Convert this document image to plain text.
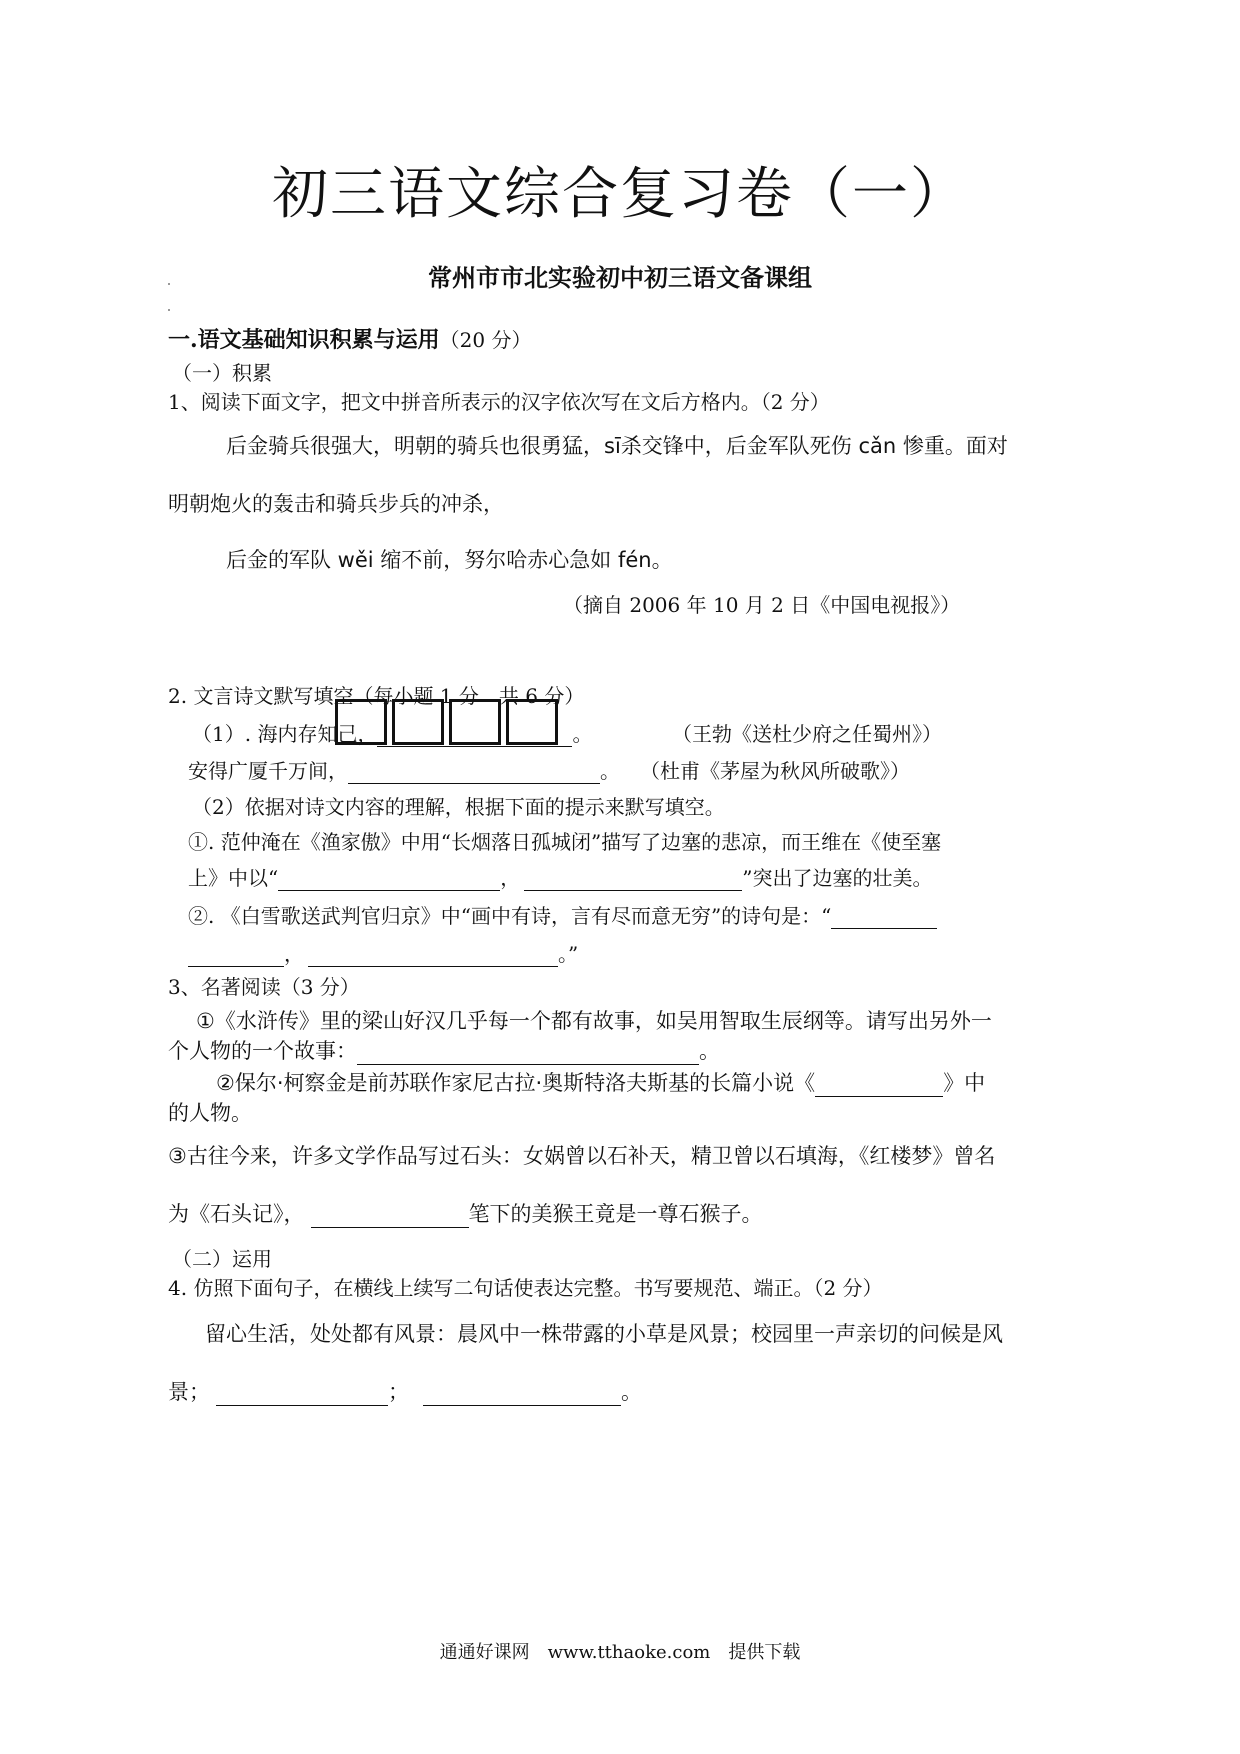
初三语文综合复习卷（一）
常州市市北实验初中初三语文备课组
一.语文基础知识积累与运用（20 分）
（一）积累
1、阅读下面文字，把文中拼音所表示的汉字依次写在文后方格内。（2 分）
后金骑兵很强大，明朝的骑兵也很勇猛，sī杀交锋中，后金军队死伤 cǎn 惨重。面对
明朝炮火的轰击和骑兵步兵的冲杀，
后金的军队 wěi 缩不前，努尔哈赤心急如 fén。
（摘自 2006 年 10 月 2 日《中国电视报》）
2. 文言诗文默写填空（每小题 1 分　共 6 分）
（1）. 海内存知己，	。	（王勃《送杜少府之任蜀州》）
安得广厦千万间，	。 （杜甫《茅屋为秋风所破歌》）
（2）依据对诗文内容的理解，根据下面的提示来默写填空。
①. 范仲淹在《渔家傲》中用“长烟落日孤城闭”描写了边塞的悲凉，而王维在《使至塞
上》中以“	，	”突出了边塞的壮美。
②. 《白雪歌送武判官归京》中“画中有诗，言有尽而意无穷”的诗句是：“
，	。”
3、名著阅读（3 分）
①《水浒传》里的梁山好汉几乎每一个都有故事，如吴用智取生辰纲等。请写出另外一
个人物的一个故事：	。
②保尔·柯察金是前苏联作家尼古拉·奥斯特洛夫斯基的长篇小说《	》中
的人物。
③古往今来，许多文学作品写过石头：女娲曾以石补天，精卫曾以石填海，《红楼梦》曾名
为《石头记》，	笔下的美猴王竟是一尊石猴子。
（二）运用
4. 仿照下面句子，在横线上续写二句话使表达完整。书写要规范、端正。（2 分）
留心生活，处处都有风景：晨风中一株带露的小草是风景；校园里一声亲切的问候是风
景；	；	。
通通好课网　www.tthaoke.com　提供下载
